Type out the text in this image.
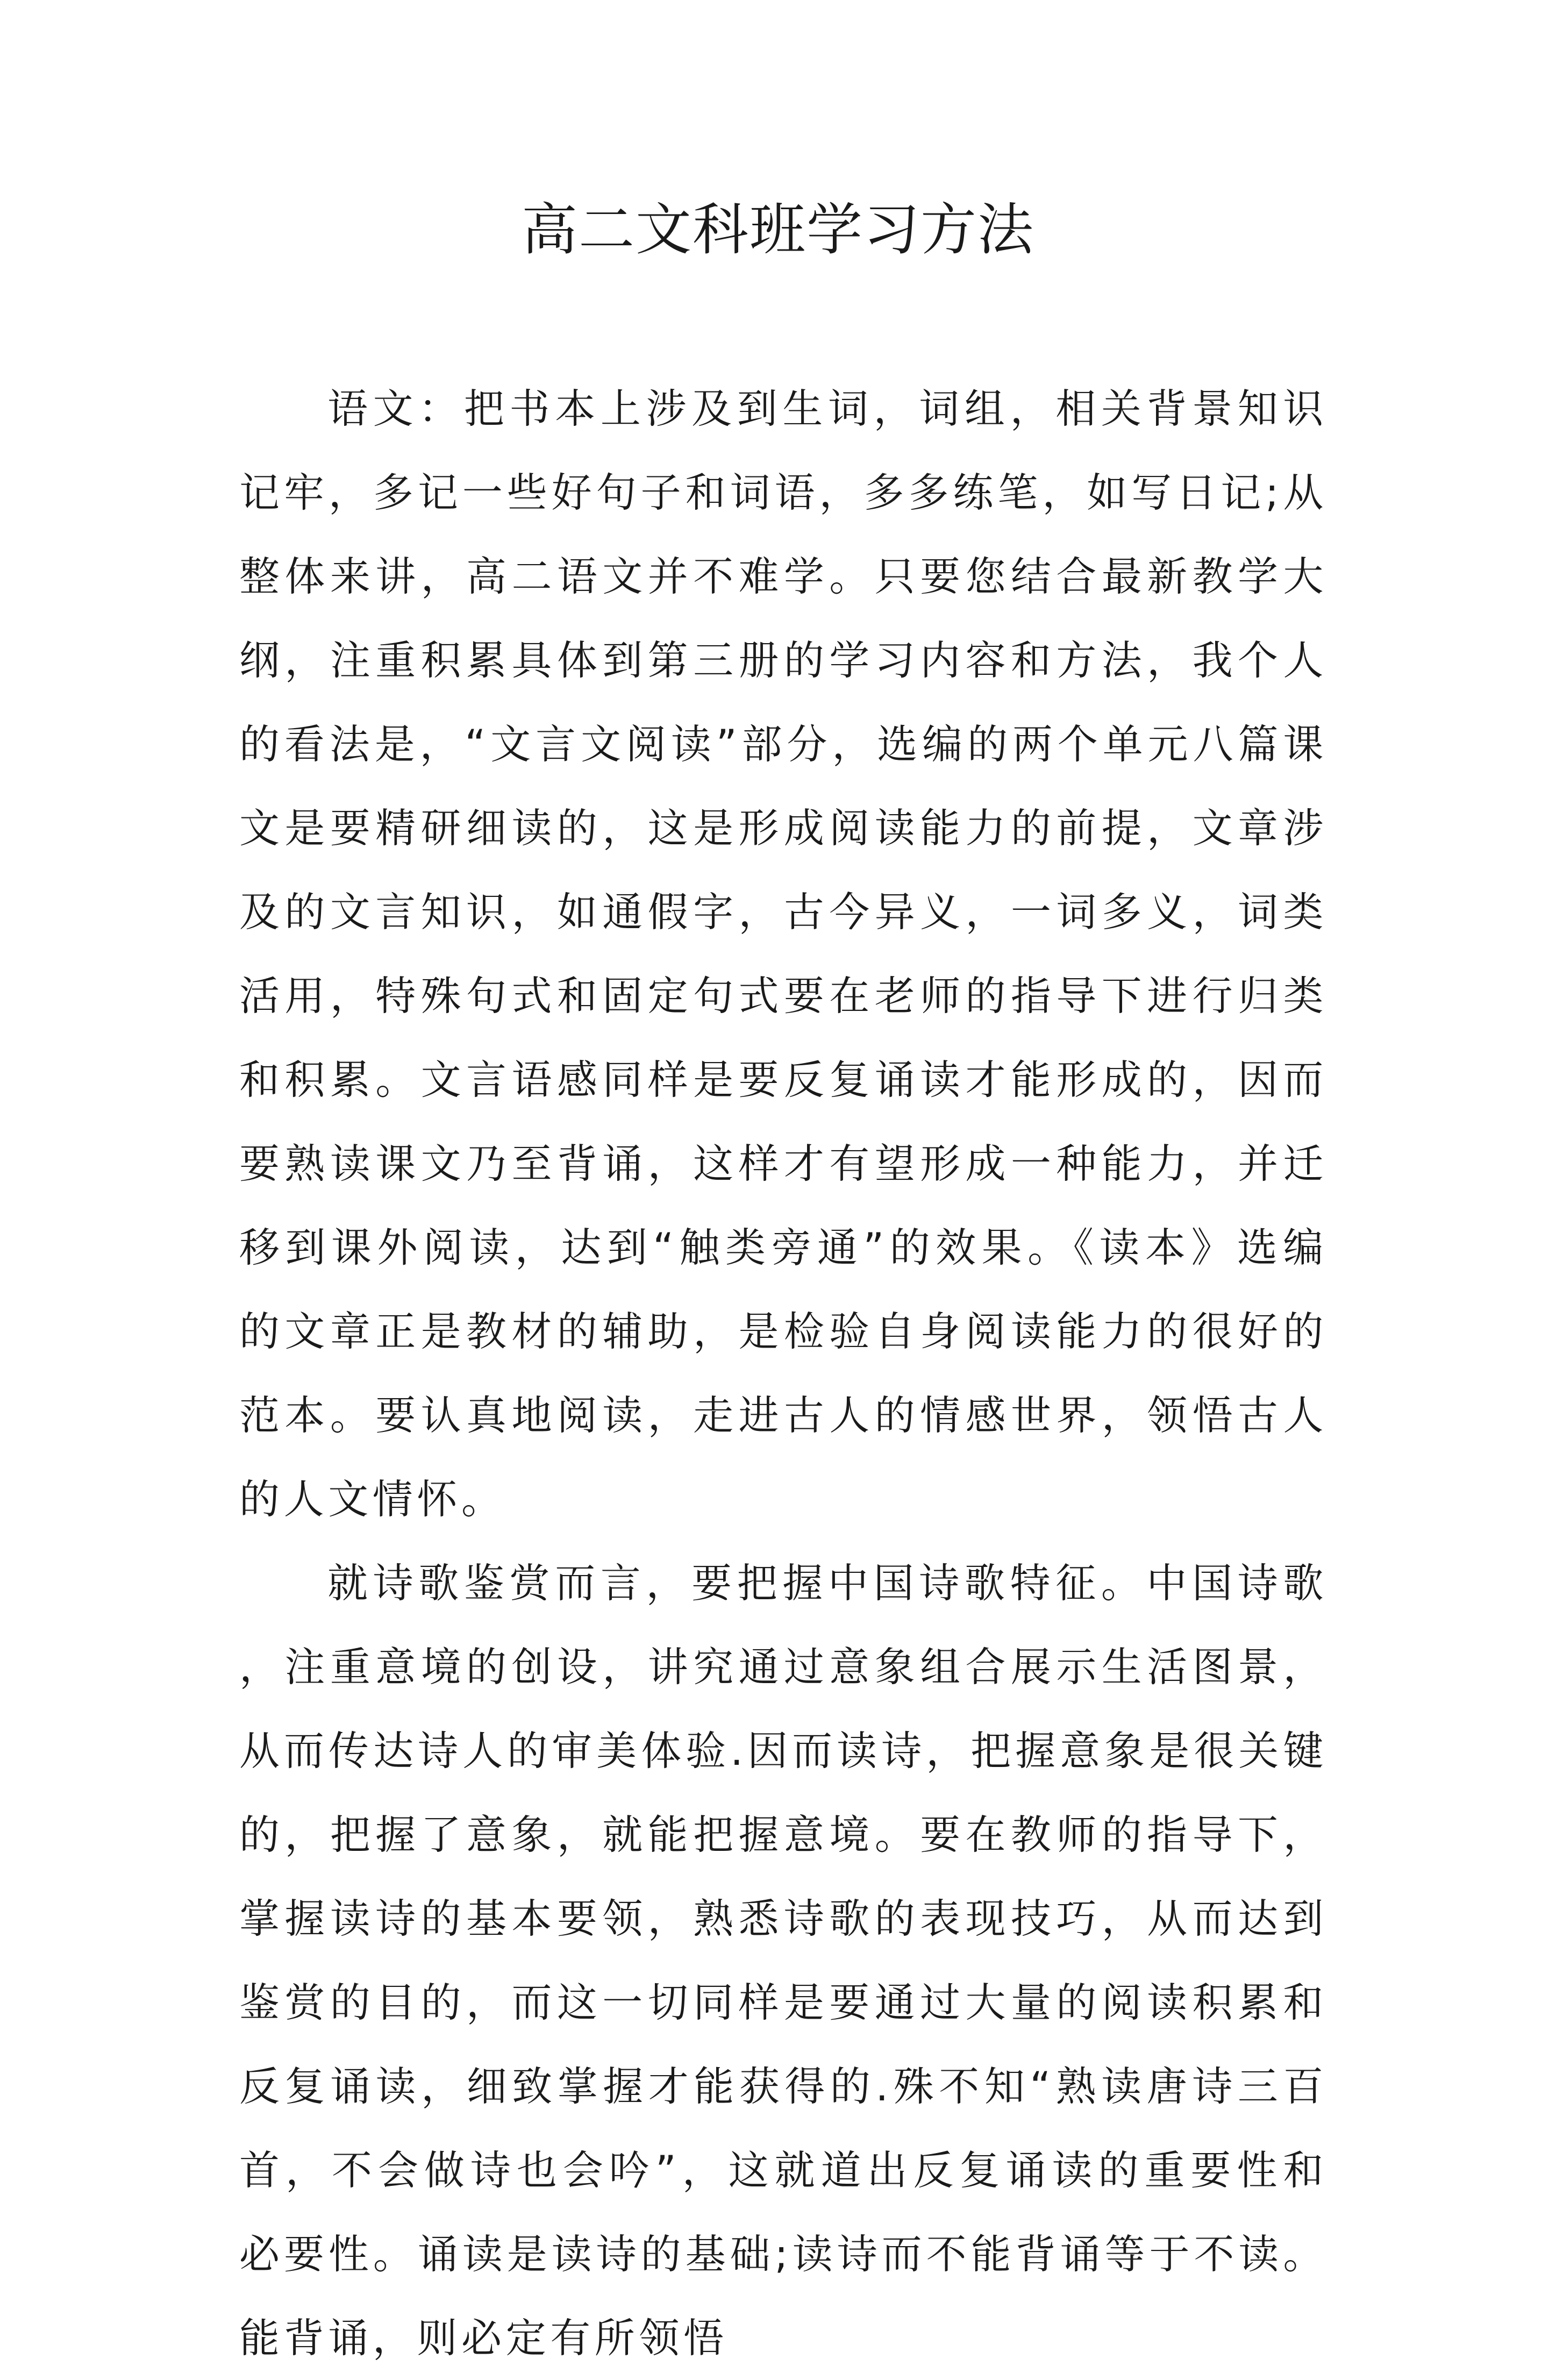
高二文科班学习方法

语文：把书本上涉及到生词，词组，相关背景知识记牢，多记一些好句子和词语，多多练笔，如写日记;从整体来讲，高二语文并不难学。只要您结合最新教学大纲，注重积累具体到第三册的学习内容和方法，我个人的看法是，“文言文阅读”部分，选编的两个单元八篇课文是要精研细读的，这是形成阅读能力的前提，文章涉及的文言知识，如通假字，古今异义，一词多义，词类活用，特殊句式和固定句式要在老师的指导下进行归类和积累。文言语感同样是要反复诵读才能形成的，因而要熟读课文乃至背诵，这样才有望形成一种能力，并迁移到课外阅读，达到“触类旁通”的效果。《读本》选编的文章正是教材的辅助，是检验自身阅读能力的很好的范本。要认真地阅读，走进古人的情感世界，领悟古人的人文情怀。

就诗歌鉴赏而言，要把握中国诗歌特征。中国诗歌，注重意境的创设，讲究通过意象组合展示生活图景，从而传达诗人的审美体验.因而读诗，把握意象是很关键的，把握了意象，就能把握意境。要在教师的指导下，掌握读诗的基本要领，熟悉诗歌的表现技巧，从而达到鉴赏的目的，而这一切同样是要通过大量的阅读积累和反复诵读，细致掌握才能获得的.殊不知“熟读唐诗三百首，不会做诗也会吟”，这就道出反复诵读的重要性和必要性。诵读是读诗的基础;读诗而不能背诵等于不读。能背诵，则必定有所领悟
